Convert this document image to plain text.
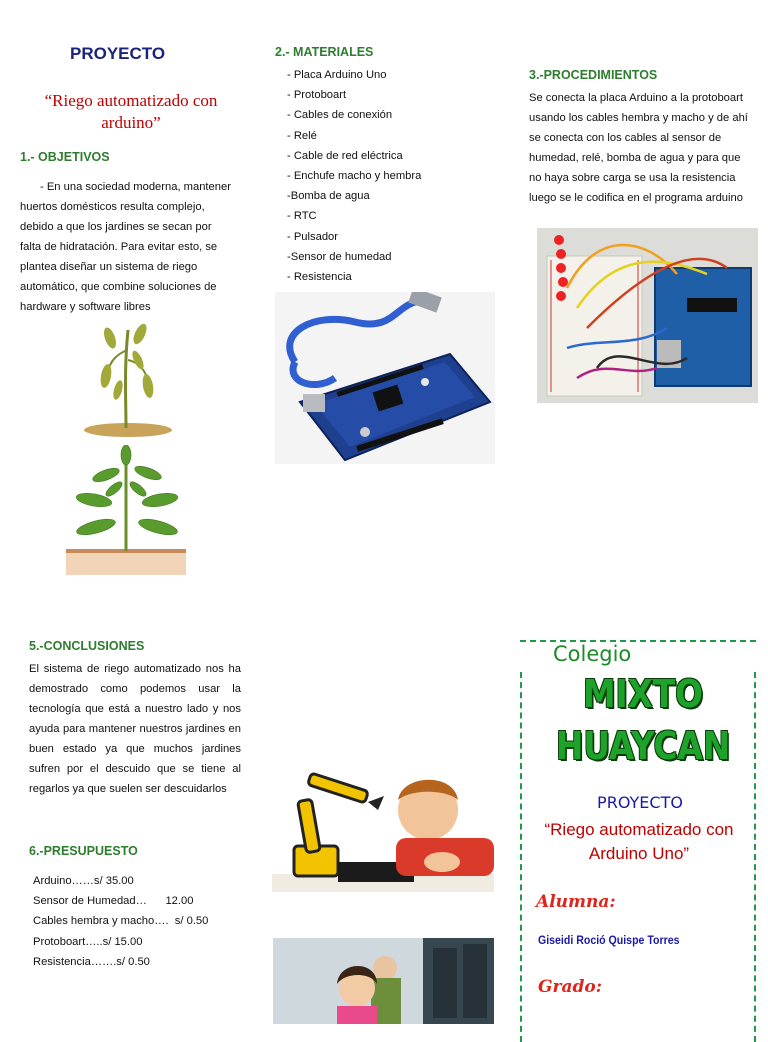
PROYECTO
“Riego automatizado con arduino”
1.- OBJETIVOS
- En una sociedad moderna, mantener huertos domésticos resulta complejo, debido a que los jardines se secan por falta de hidratación. Para evitar esto, se plantea diseñar un sistema de riego automático, que combine soluciones de hardware y software libres
2.- MATERIALES
- Placa Arduino Uno
- Protoboart
- Cables de conexión
- Relé
- Cable de red eléctrica
- Enchufe macho y hembra
-Bomba de agua
- RTC
- Pulsador
-Sensor de humedad
- Resistencia
3.-PROCEDIMIENTOS
Se conecta la placa Arduino a la protoboart usando los cables hembra y macho y de ahí se conecta con los cables al sensor de humedad, relé, bomba de agua y para que no haya sobre carga se usa la resistencia luego se le codifica en el programa arduino
5.-CONCLUSIONES
El sistema de riego automatizado nos ha demostrado como podemos usar la tecnología que está a nuestro lado y nos ayuda para mantener nuestros jardines en buen estado ya que muchos jardines sufren por el descuido que se tiene al regarlos ya que suelen ser descuidarlos
6.-PRESUPUESTO
Arduino……s/ 35.00
Sensor de Humedad…      12.00
Cables hembra y macho….  s/ 0.50
Protoboart…..s/ 15.00
Resistencia…….s/ 0.50
Colegio
MIXTO
HUAYCAN
PROYECTO
“Riego automatizado con Arduino Uno”
Alumna:
Giseidi Roció Quispe Torres
Grado:
